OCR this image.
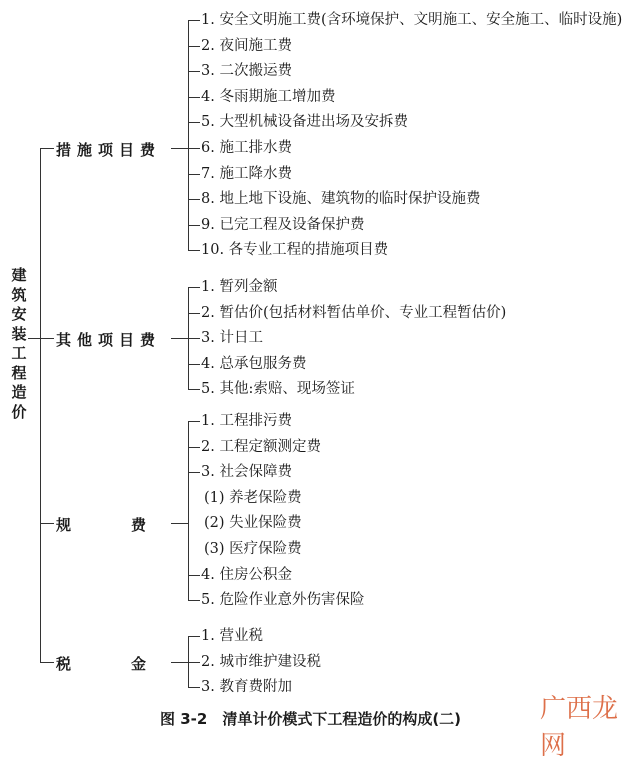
建筑安装工程造价
图 3-2　清单计价模式下工程造价的构成(二)	广西龙网
措施项目费
1. 安全文明施工费(含环境保护、文明施工、安全施工、临时设施)
2. 夜间施工费
3. 二次搬运费
4. 冬雨期施工增加费
5. 大型机械设备进出场及安拆费
6. 施工排水费
7. 施工降水费
8. 地上地下设施、建筑物的临时保护设施费
9. 已完工程及设备保护费
10. 各专业工程的措施项目费
其他项目费
1. 暂列金额
2. 暂估价(包括材料暂估单价、专业工程暂估价)
3. 计日工
4. 总承包服务费
5. 其他:索赔、现场签证
规　　　　费
1. 工程排污费
2. 工程定额测定费
3. 社会保障费
(1) 养老保险费
(2) 失业保险费
(3) 医疗保险费
4. 住房公积金
5. 危险作业意外伤害保险
税　　　　金
1. 营业税
2. 城市维护建设税
3. 教育费附加
